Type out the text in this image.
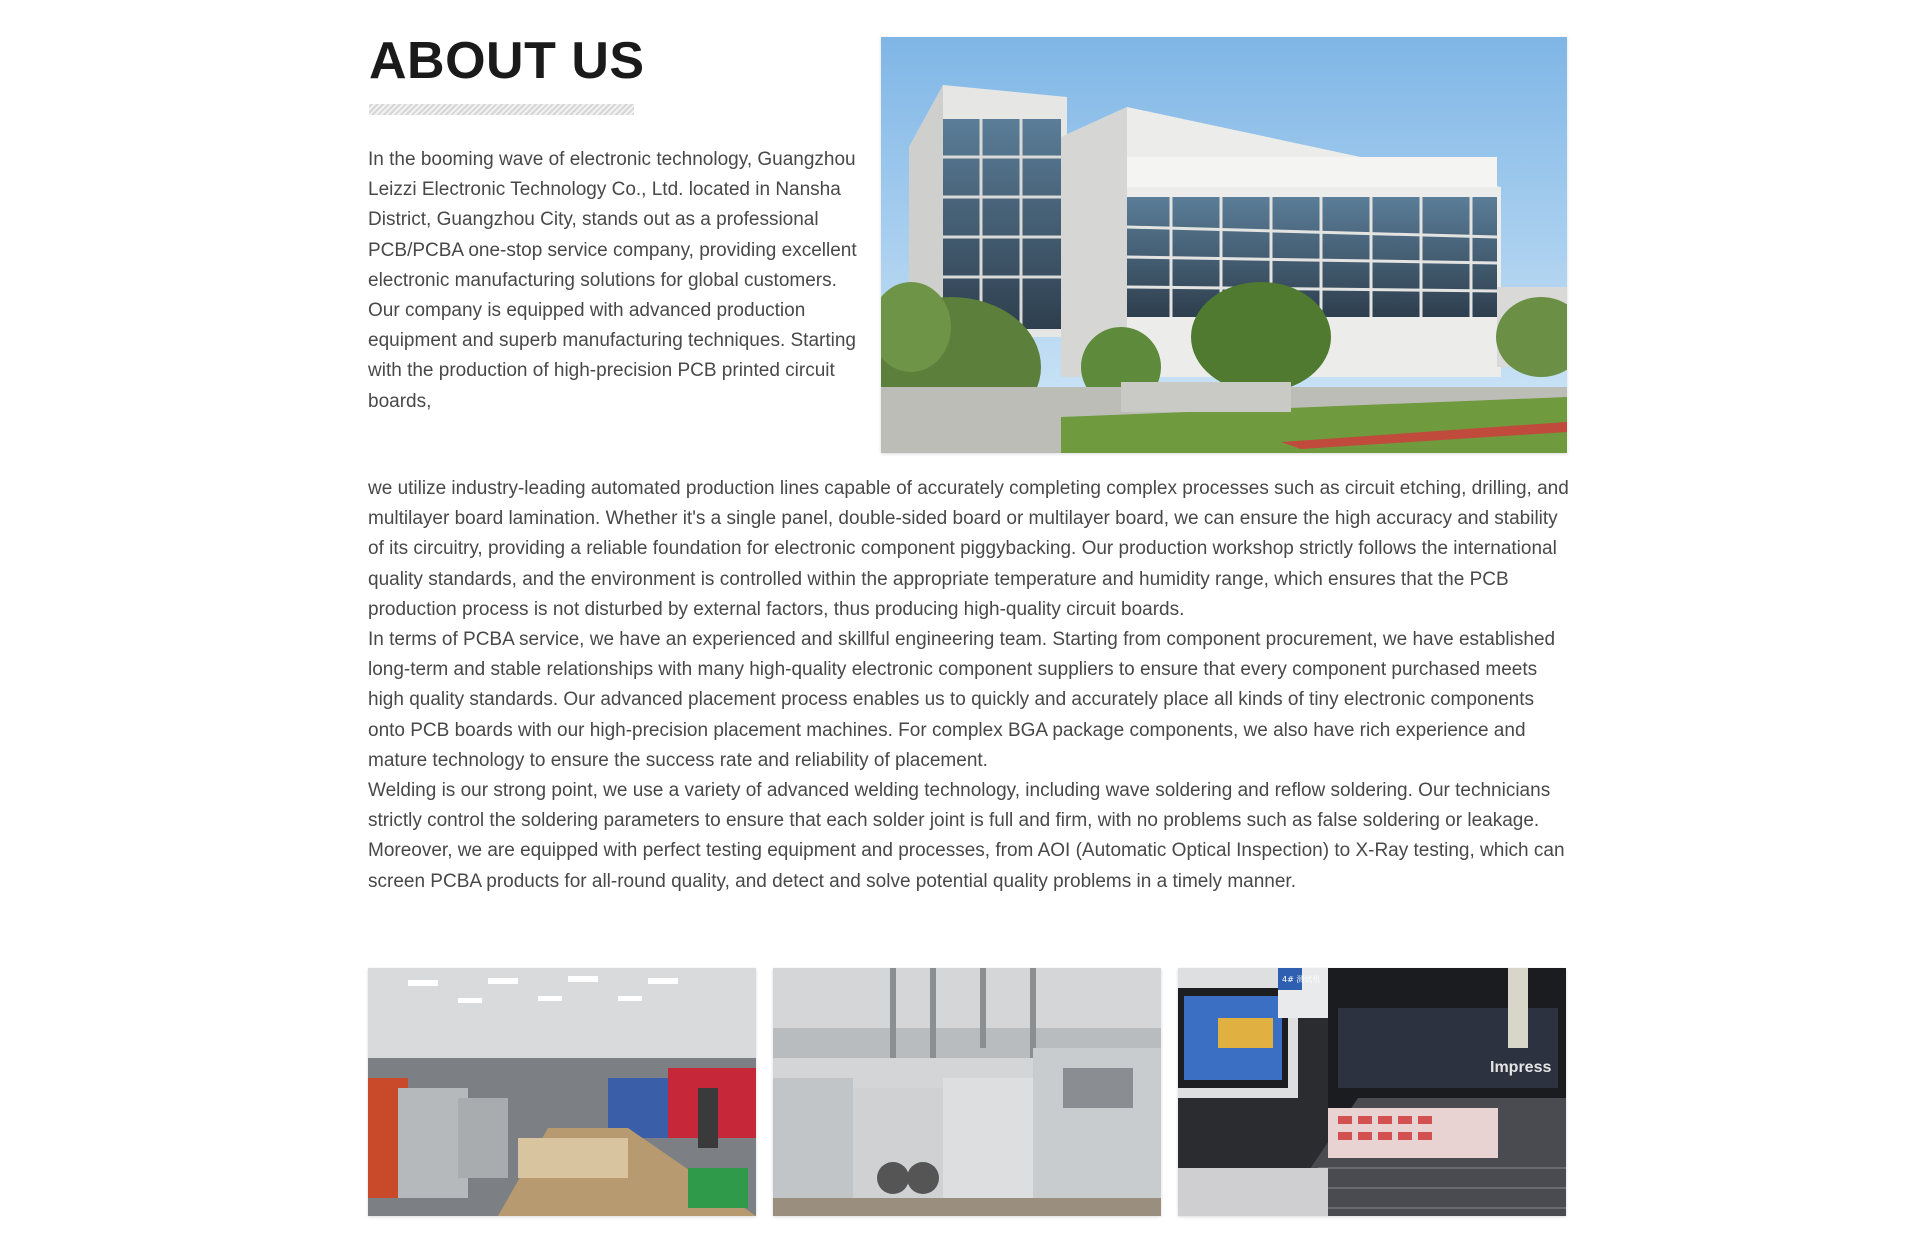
ABOUT US

In the booming wave of electronic technology, Guangzhou Leizzi Electronic Technology Co., Ltd. located in Nansha District, Guangzhou City, stands out as a professional PCB/PCBA one-stop service company, providing excellent electronic manufacturing solutions for global customers.

Our company is equipped with advanced production equipment and superb manufacturing techniques. Starting with the production of high-precision PCB printed circuit boards,

we utilize industry-leading automated production lines capable of accurately completing complex processes such as circuit etching, drilling, and multilayer board lamination. Whether it's a single panel, double-sided board or multilayer board, we can ensure the high accuracy and stability of its circuitry, providing a reliable foundation for electronic component piggybacking. Our production workshop strictly follows the international quality standards, and the environment is controlled within the appropriate temperature and humidity range, which ensures that the PCB production process is not disturbed by external factors, thus producing high-quality circuit boards.

In terms of PCBA service, we have an experienced and skillful engineering team. Starting from component procurement, we have established long-term and stable relationships with many high-quality electronic component suppliers to ensure that every component purchased meets high quality standards. Our advanced placement process enables us to quickly and accurately place all kinds of tiny electronic components onto PCB boards with our high-precision placement machines. For complex BGA package components, we also have rich experience and mature technology to ensure the success rate and reliability of placement.

Welding is our strong point, we use a variety of advanced welding technology, including wave soldering and reflow soldering. Our technicians strictly control the soldering parameters to ensure that each solder joint is full and firm, with no problems such as false soldering or leakage. Moreover, we are equipped with perfect testing equipment and processes, from AOI (Automatic Optical Inspection) to X-Ray testing, which can screen PCBA products for all-round quality, and detect and solve potential quality problems in a timely manner.

4# 测试机
Impress
